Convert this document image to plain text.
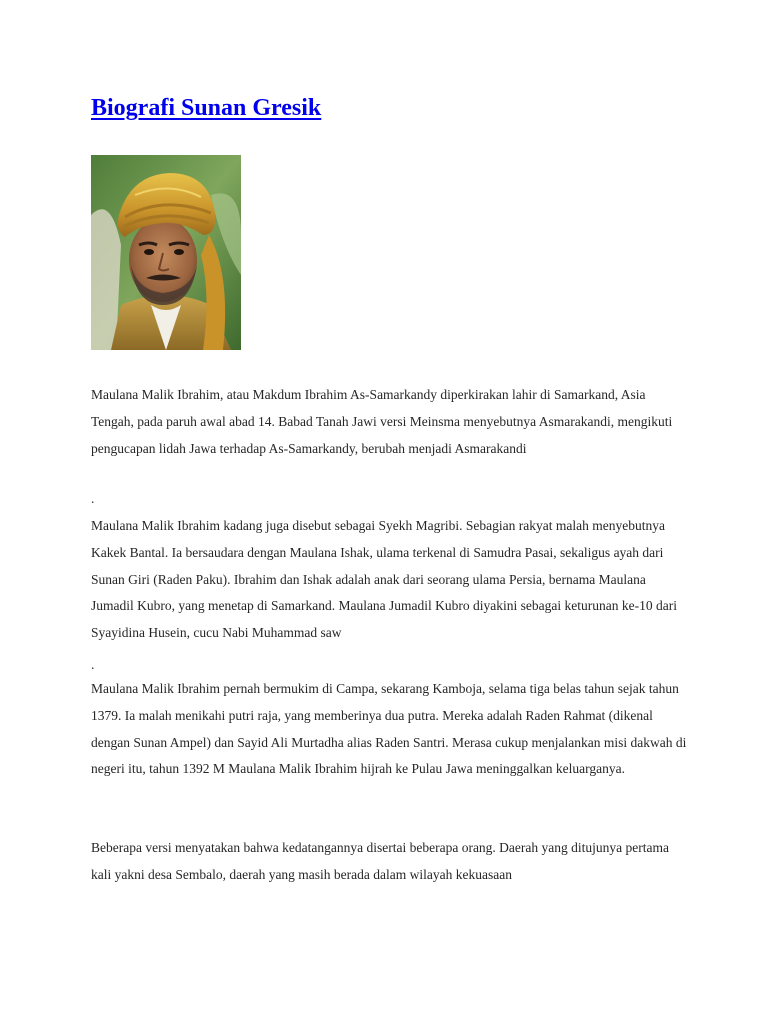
Biografi Sunan Gresik

Maulana Malik Ibrahim, atau Makdum Ibrahim As-Samarkandy diperkirakan lahir di Samarkand, Asia Tengah, pada paruh awal abad 14. Babad Tanah Jawi versi Meinsma menyebutnya Asmarakandi, mengikuti pengucapan lidah Jawa terhadap As-Samarkandy, berubah menjadi Asmarakandi

.

Maulana Malik Ibrahim kadang juga disebut sebagai Syekh Magribi. Sebagian rakyat malah menyebutnya Kakek Bantal. Ia bersaudara dengan Maulana Ishak, ulama terkenal di Samudra Pasai, sekaligus ayah dari Sunan Giri (Raden Paku). Ibrahim dan Ishak adalah anak dari seorang ulama Persia, bernama Maulana Jumadil Kubro, yang menetap di Samarkand. Maulana Jumadil Kubro diyakini sebagai keturunan ke-10 dari Syayidina Husein, cucu Nabi Muhammad saw

.

Maulana Malik Ibrahim pernah bermukim di Campa, sekarang Kamboja, selama tiga belas tahun sejak tahun 1379. Ia malah menikahi putri raja, yang memberinya dua putra. Mereka adalah Raden Rahmat (dikenal dengan Sunan Ampel) dan Sayid Ali Murtadha alias Raden Santri. Merasa cukup menjalankan misi dakwah di negeri itu, tahun 1392 M Maulana Malik Ibrahim hijrah ke Pulau Jawa meninggalkan keluarganya.

Beberapa versi menyatakan bahwa kedatangannya disertai beberapa orang. Daerah yang ditujunya pertama kali yakni desa Sembalo, daerah yang masih berada dalam wilayah kekuasaan
